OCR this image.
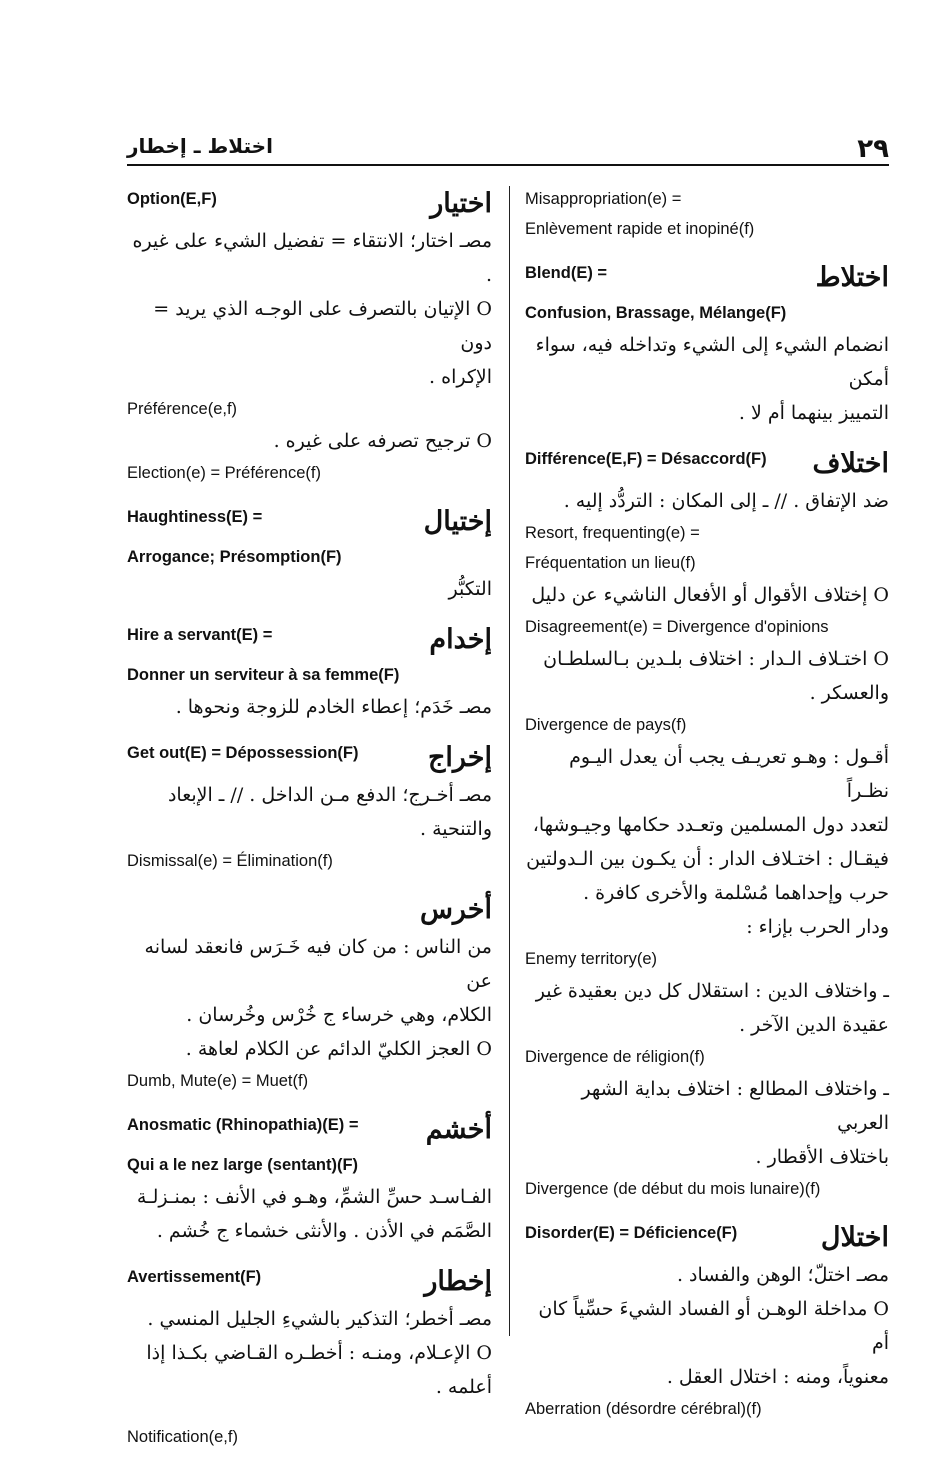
اختلاط ـ إخطار	٢٩
Option(E,F)	اختيار
مصـ اختار؛ الانتقاء = تفضيل الشيء على غيره .
O الإتيان بالتصرف على الوجـه الذي يريد = دون
الإكراه .
Préférence(e,f)
O ترجيح تصرفه على غيره .
Election(e) = Préférence(f)
Haughtiness(E) =	إختيال
Arrogance; Présomption(F)
التكبُّر
Hire a servant(E) =	إخدام
Donner un serviteur à sa femme(F)
مصـ خَدَم؛ إعطاء الخادم للزوجة ونحوها .
Get out(E) = Dépossession(F)	إخراج
مصـ أخـرج؛ الدفع مـن الداخل . // ـ الإبعاد
والتنحية .
Dismissal(e) = Élimination(f)
أخرس
من الناس : من كان فيه خَـرَس فانعقد لسانه عن
الكلام، وهي خرساء ج خُرْس وخُرسان .
O العجز الكليّ الدائم عن الكلام لعاهة .
Dumb, Mute(e) = Muet(f)
Anosmatic (Rhinopathia)(E) = أخشم
Qui a le nez large (sentant)(F)
الفـاسـد حسِّ الشمِّ، وهـو في الأنف : بمنـزلـة
الصَّمَم في الأذن . والأنثى خشماء ج خُشم .
Avertissement(F)	إخطار
مصـ أخطر؛ التذكير بالشيءِ الجليل المنسي .
O الإعـلام، ومنـه : أخطـره القـاضي بكـذا إذا
أعلمه .
Notification(e,f)
Misappropriation(e) =
Enlèvement rapide et inopiné(f)
Blend(E) =	اختلاط
Confusion, Brassage, Mélange(F)
انضمام الشيء إلى الشيء وتداخله فيه، سواء أمكن
التمييز بينهما أم لا .
Différence(E,F) = Désaccord(F) اختلاف
ضد الإتفاق . // ـ إلى المكان : التردُّد إليه .
Resort, frequenting(e) =
Fréquentation un lieu(f)
O إختلاف الأقوال أو الأفعال الناشيء عن دليل
Disagreement(e) = Divergence d'opinions
O اختـلاف الـدار : اختلاف بلـدين بـالسلطـان
والعسكر .
Divergence de pays(f)
أقـول : وهـو تعريـف يجب أن يعدل اليـوم نظـراً
لتعدد دول المسلمين وتعـدد حكامها وجيـوشها،
فيقـال : اختـلاف الدار : أن يكـون بين الـدولتين
حرب وإحداهما مُسْلمة والأخرى كافرة .
ودار الحرب بإزاء :
Enemy territory(e)
ـ واختلاف الدين : استقلال كل دين بعقيدة غير
عقيدة الدين الآخر .
Divergence de réligion(f)
ـ واختلاف المطالع : اختلاف بداية الشهر العربي
باختلاف الأقطار .
Divergence (de début du mois lunaire)(f)
Disorder(E) = Déficience(F)	اختلال
مصـ اختلّ؛ الوهن والفساد .
O مداخلة الوهـن أو الفساد الشيءَ حسِّياً كان أم
معنوياً، ومنه : اختلال العقل .
Aberration (désordre cérébral)(f)
